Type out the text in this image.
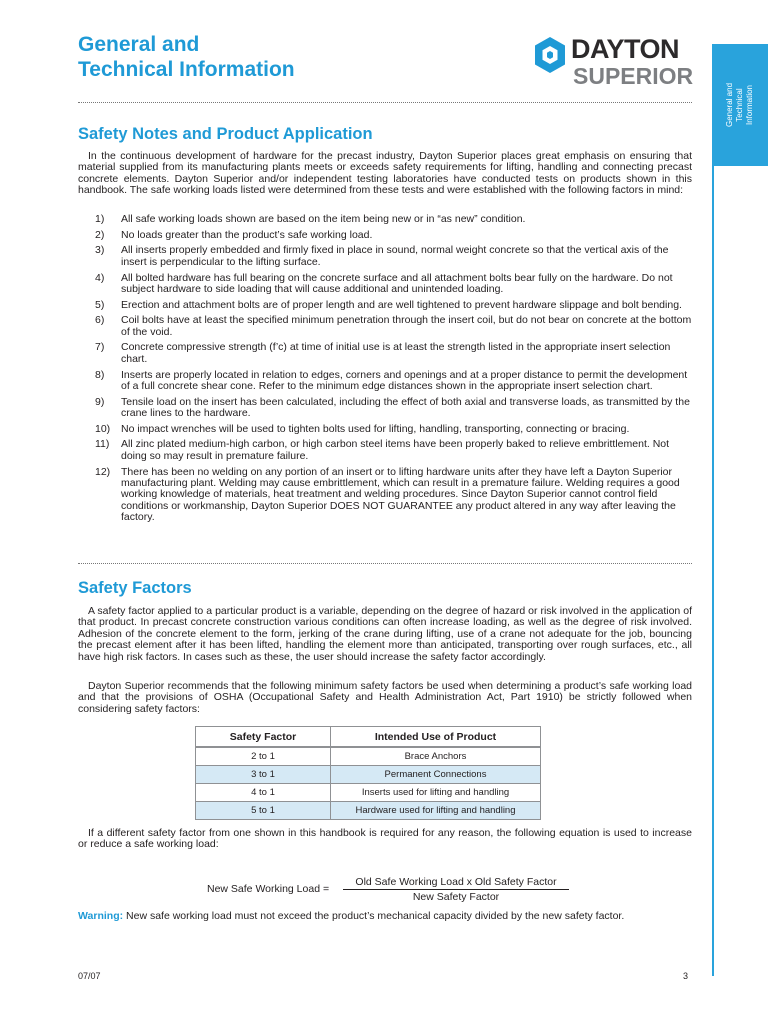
General and
Technical Information
DAYTON
SUPERIOR
General and Technical Information
Safety Notes and Product Application

In the continuous development of hardware for the precast industry, Dayton Superior places great emphasis on ensuring that material supplied from its manufacturing plants meets or exceeds safety requirements for lifting, handling and connecting precast concrete elements. Dayton Superior and/or independent testing laboratories have conducted tests on products shown in this handbook. The safe working loads listed were determined from these tests and were established with the following factors in mind:

1) All safe working loads shown are based on the item being new or in “as new” condition.
2) No loads greater than the product’s safe working load.
3) All inserts properly embedded and firmly fixed in place in sound, normal weight concrete so that the vertical axis of the insert is perpendicular to the lifting surface.
4) All bolted hardware has full bearing on the concrete surface and all attachment bolts bear fully on the hardware. Do not subject hardware to side loading that will cause additional and unintended loading.
5) Erection and attachment bolts are of proper length and are well tightened to prevent hardware slippage and bolt bending.
6) Coil bolts have at least the specified minimum penetration through the insert coil, but do not bear on concrete at the bottom of the void.
7) Concrete compressive strength (f’c) at time of initial use is at least the strength listed in the appropriate insert selection chart.
8) Inserts are properly located in relation to edges, corners and openings and at a proper distance to permit the development of a full concrete shear cone. Refer to the minimum edge distances shown in the appropriate insert selection chart.
9) Tensile load on the insert has been calculated, including the effect of both axial and transverse loads, as transmitted by the crane lines to the hardware.
10) No impact wrenches will be used to tighten bolts used for lifting, handling, transporting, connecting or bracing.
11) All zinc plated medium-high carbon, or high carbon steel items have been properly baked to relieve embrittlement. Not doing so may result in premature failure.
12) There has been no welding on any portion of an insert or to lifting hardware units after they have left a Dayton Superior manufacturing plant. Welding may cause embrittlement, which can result in a premature failure. Welding requires a good working knowledge of materials, heat treatment and welding procedures. Since Dayton Superior cannot control field conditions or workmanship, Dayton Superior DOES NOT GUARANTEE any product altered in any way after leaving the factory.
Safety Factors

A safety factor applied to a particular product is a variable, depending on the degree of hazard or risk involved in the application of that product. In precast concrete construction various conditions can often increase loading, as well as the degree of risk involved. Adhesion of the concrete element to the form, jerking of the crane during lifting, use of a crane not adequate for the job, bouncing the precast element after it has been lifted, handling the element more than anticipated, transporting over rough surfaces, etc., all have high risk factors. In cases such as these, the user should increase the safety factor accordingly.

Dayton Superior recommends that the following minimum safety factors be used when determining a product’s safe working load and that the provisions of OSHA (Occupational Safety and Health Administration Act, Part 1910) be strictly followed when considering safety factors:

Safety Factor	Intended Use of Product
2 to 1	Brace Anchors
3 to 1	Permanent Connections
4 to 1	Inserts used for lifting and handling
5 to 1	Hardware used for lifting and handling

If a different safety factor from one shown in this handbook is required for any reason, the following equation is used to increase or reduce a safe working load:

New Safe Working Load =
Old Safe Working Load x Old Safety Factor
New Safety Factor
Warning: New safe working load must not exceed the product’s mechanical capacity divided by the new safety factor.
07/07	3
